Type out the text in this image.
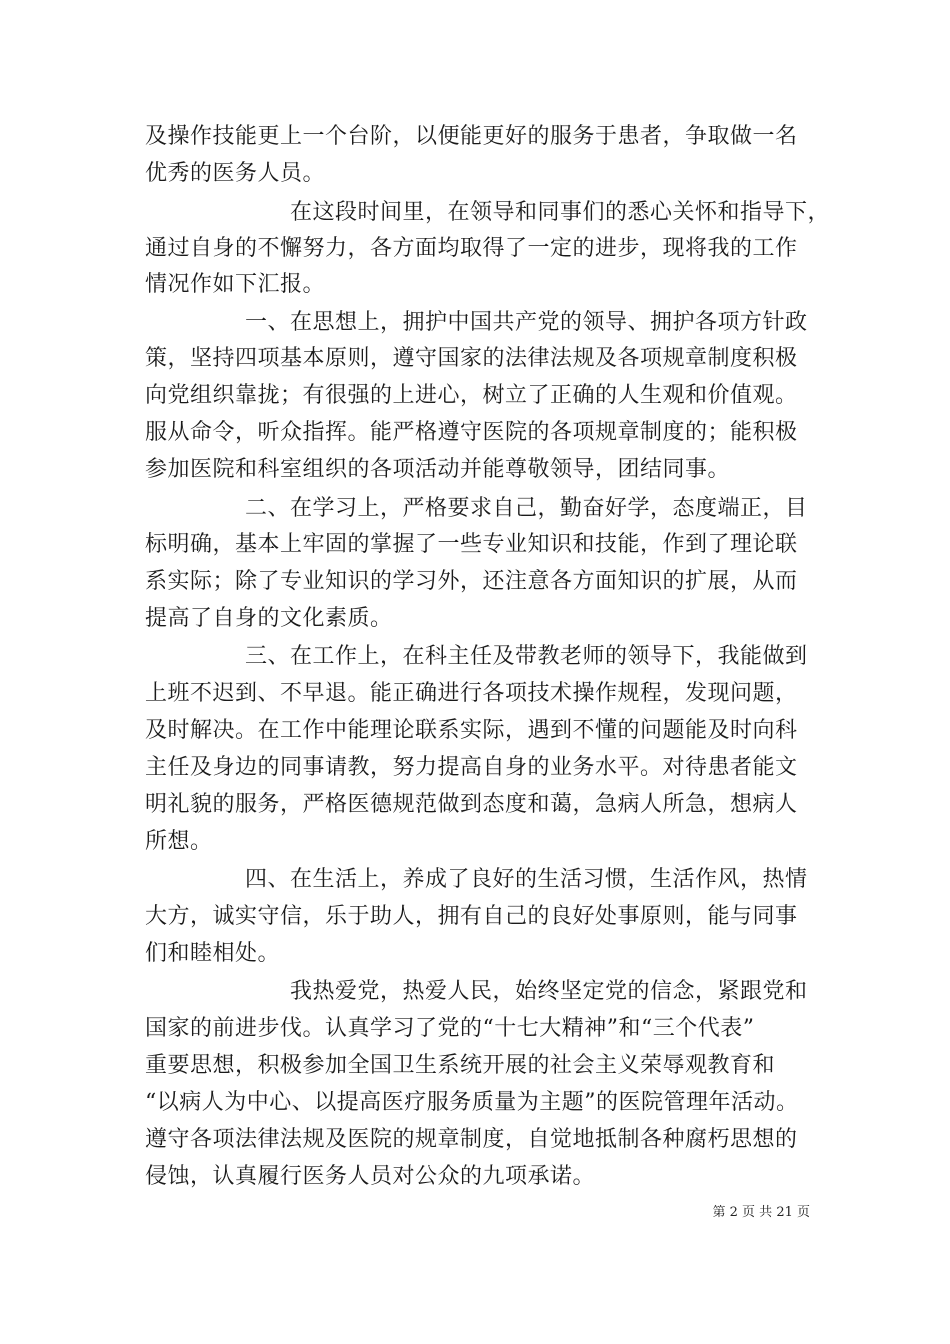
及操作技能更上一个台阶，以便能更好的服务于患者，争取做一名
优秀的医务人员。
在这段时间里，在领导和同事们的悉心关怀和指导下，
通过自身的不懈努力，各方面均取得了一定的进步，现将我的工作
情况作如下汇报。
一、在思想上，拥护中国共产党的领导、拥护各项方针政
策，坚持四项基本原则，遵守国家的法律法规及各项规章制度积极
向党组织靠拢；有很强的上进心，树立了正确的人生观和价值观。
服从命令，听众指挥。能严格遵守医院的各项规章制度的；能积极
参加医院和科室组织的各项活动并能尊敬领导，团结同事。
二、在学习上，严格要求自己，勤奋好学，态度端正，目
标明确，基本上牢固的掌握了一些专业知识和技能，作到了理论联
系实际；除了专业知识的学习外，还注意各方面知识的扩展，从而
提高了自身的文化素质。
三、在工作上，在科主任及带教老师的领导下，我能做到
上班不迟到、不早退。能正确进行各项技术操作规程，发现问题，
及时解决。在工作中能理论联系实际，遇到不懂的问题能及时向科
主任及身边的同事请教，努力提高自身的业务水平。对待患者能文
明礼貌的服务，严格医德规范做到态度和蔼，急病人所急，想病人
所想。
四、在生活上，养成了良好的生活习惯，生活作风，热情
大方，诚实守信，乐于助人，拥有自己的良好处事原则，能与同事
们和睦相处。
我热爱党，热爱人民，始终坚定党的信念，紧跟党和
国家的前进步伐。认真学习了党的“十七大精神”和“三个代表”
重要思想，积极参加全国卫生系统开展的社会主义荣辱观教育和
“以病人为中心、以提高医疗服务质量为主题”的医院管理年活动。
遵守各项法律法规及医院的规章制度，自觉地抵制各种腐朽思想的
侵蚀，认真履行医务人员对公众的九项承诺。
第 2 页 共 21 页
